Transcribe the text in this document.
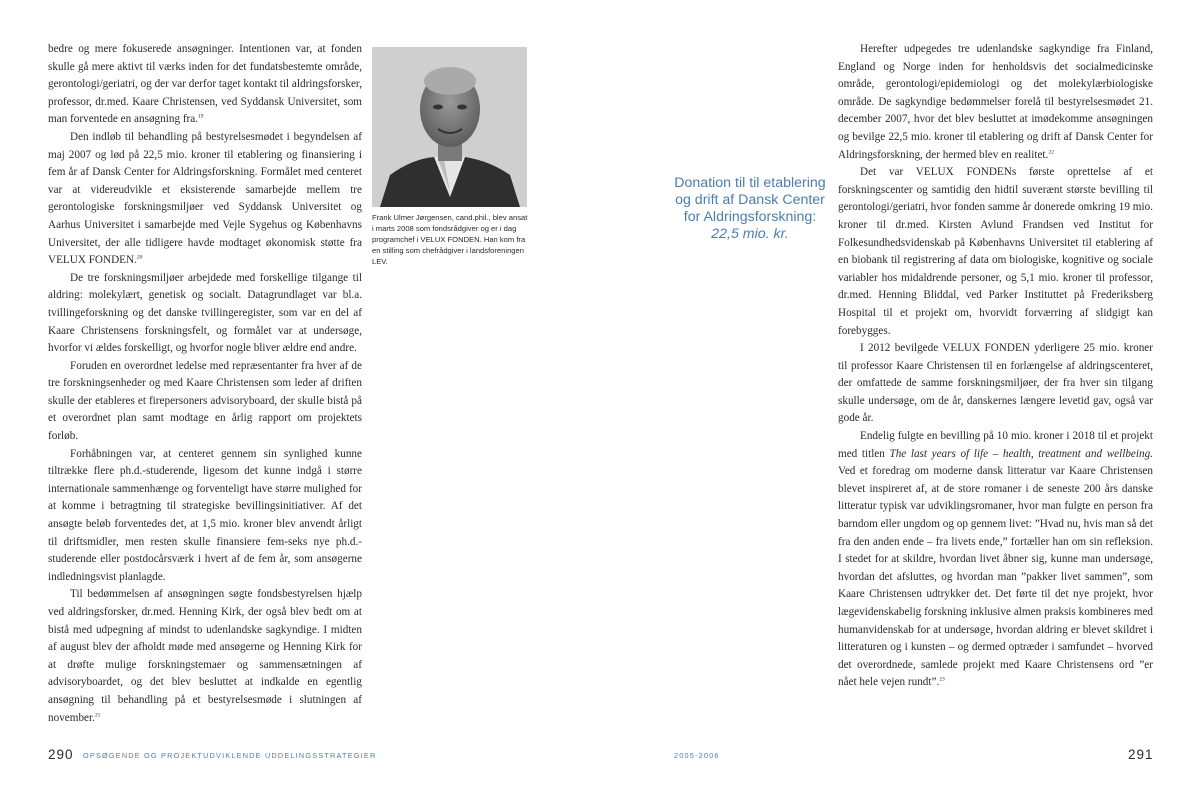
bedre og mere fokuserede ansøgninger. Intentionen var, at fonden skulle gå mere aktivt til værks inden for det fundatsbestemte område, gerontologi/geriatri, og der var derfor taget kontakt til aldringsforsker, professor, dr.med. Kaare Christensen, ved Syddansk Universitet, som man forventede en ansøgning fra.$^{19}$

Den indløb til behandling på bestyrelsesmødet i begyndelsen af maj 2007 og lød på 22,5 mio. kroner til etablering og finansiering i fem år af Dansk Center for Aldringsforskning. Formålet med centeret var at videreudvikle et eksisterende samarbejde mellem tre gerontologiske forskningsmiljøer ved Syddansk Universitet og Aarhus Universitet i samarbejde med Vejle Sygehus og Københavns Universitet, der alle tidligere havde modtaget økonomisk støtte fra VELUX FONDEN.$^{20}$

De tre forskningsmiljøer arbejdede med forskellige tilgange til aldring: molekylært, genetisk og socialt. Datagrundlaget var bl.a. tvillingeforskning og det danske tvillingeregister, som var en del af Kaare Christensens forskningsfelt, og formålet var at undersøge, hvorfor vi ældes forskelligt, og hvorfor nogle bliver ældre end andre.

Foruden en overordnet ledelse med repræsentanter fra hver af de tre forskningsenheder og med Kaare Christensen som leder af driften skulle der etableres et firepersoners advisoryboard, der skulle bistå på et overordnet plan samt modtage en årlig rapport om projektets forløb.

Forhåbningen var, at centeret gennem sin synlighed kunne tiltrække flere ph.d.-studerende, ligesom det kunne indgå i større internationale sammenhænge og forventeligt have større mulighed for at komme i betragtning til strategiske bevillingsinitiativer. Af det ansøgte beløb forventedes det, at 1,5 mio. kroner blev anvendt årligt til driftsmidler, men resten skulle finansiere fem-seks nye ph.d.-studerende eller postdocårsværk i hvert af de fem år, som ansøgerne indledningsvist planlagde.

Til bedømmelsen af ansøgningen søgte fondsbestyrelsen hjælp ved aldringsforsker, dr.med. Henning Kirk, der også blev bedt om at bistå med udpegning af mindst to udenlandske sagkyndige. I midten af august blev der afholdt møde med ansøgerne og Henning Kirk for at drøfte mulige forskningstemaer og sammensætningen af advisoryboardet, og det blev besluttet at indkalde en egentlig ansøgning til behandling på et bestyrelsesmøde i slutningen af november.$^{21}$

Frank Ulmer Jørgensen, cand.phil., blev ansat i marts 2008 som fondsrådgiver og er i dag programchef i VELUX FONDEN. Han kom fra en stilling som chefrådgiver i landsforeningen LEV.
Donation til til etablering og drift af Dansk Center for Aldringsforskning:
22,5 mio. kr.

Herefter udpegedes tre udenlandske sagkyndige fra Finland, England og Norge inden for henholdsvis det socialmedicinske område, gerontologi/epidemiologi og det molekylærbiologiske område. De sagkyndige bedømmelser forelå til bestyrelsesmødet 21. december 2007, hvor det blev besluttet at imødekomme ansøgningen og bevilge 22,5 mio. kroner til etablering og drift af Dansk Center for Aldringsforskning, der hermed blev en realitet.$^{22}$

Det var VELUX FONDENs første oprettelse af et forskningscenter og samtidig den hidtil suverænt største bevilling til gerontologi/geriatri, hvor fonden samme år donerede omkring 19 mio. kroner til dr.med. Kirsten Avlund Frandsen ved Institut for Folkesundhedsvidenskab på Københavns Universitet til etablering af en biobank til registrering af data om biologiske, kognitive og sociale variabler hos midaldrende personer, og 5,1 mio. kroner til professor, dr.med. Henning Bliddal, ved Parker Instituttet på Frederiksberg Hospital til et projekt om, hvorvidt forværring af slidgigt kan forebygges.

I 2012 bevilgede VELUX FONDEN yderligere 25 mio. kroner til professor Kaare Christensen til en forlængelse af aldringscenteret, der omfattede de samme forskningsmiljøer, der fra hver sin tilgang skulle undersøge, om de år, danskernes længere levetid gav, også var gode år.

Endelig fulgte en bevilling på 10 mio. kroner i 2018 til et projekt med titlen The last years of life – health, treatment and wellbeing. Ved et foredrag om moderne dansk litteratur var Kaare Christensen blevet inspireret af, at de store romaner i de seneste 200 års danske litteratur typisk var udviklingsromaner, hvor man fulgte en person fra barndom eller ungdom og op gennem livet: ”Hvad nu, hvis man så det fra den anden ende – fra livets ende,” fortæller han om sin refleksion. I stedet for at skildre, hvordan livet åbner sig, kunne man undersøge, hvordan det afsluttes, og hvordan man ”pakker livet sammen”, som Kaare Christensen udtrykker det. Det førte til det nye projekt, hvor lægevidenskabelig forskning inklusive almen praksis kombineres med humanvidenskab for at undersøge, hvordan aldring er blevet skildret i litteraturen og i kunsten – og dermed optræder i samfundet – hvorved det overordnede, samlede projekt med Kaare Christensens ord ”er nået hele vejen rundt”.$^{23}$

290 OPSØGENDE OG PROJEKTUDVIKLENDE UDDELINGSSTRATEGIER	2005-2006	291
